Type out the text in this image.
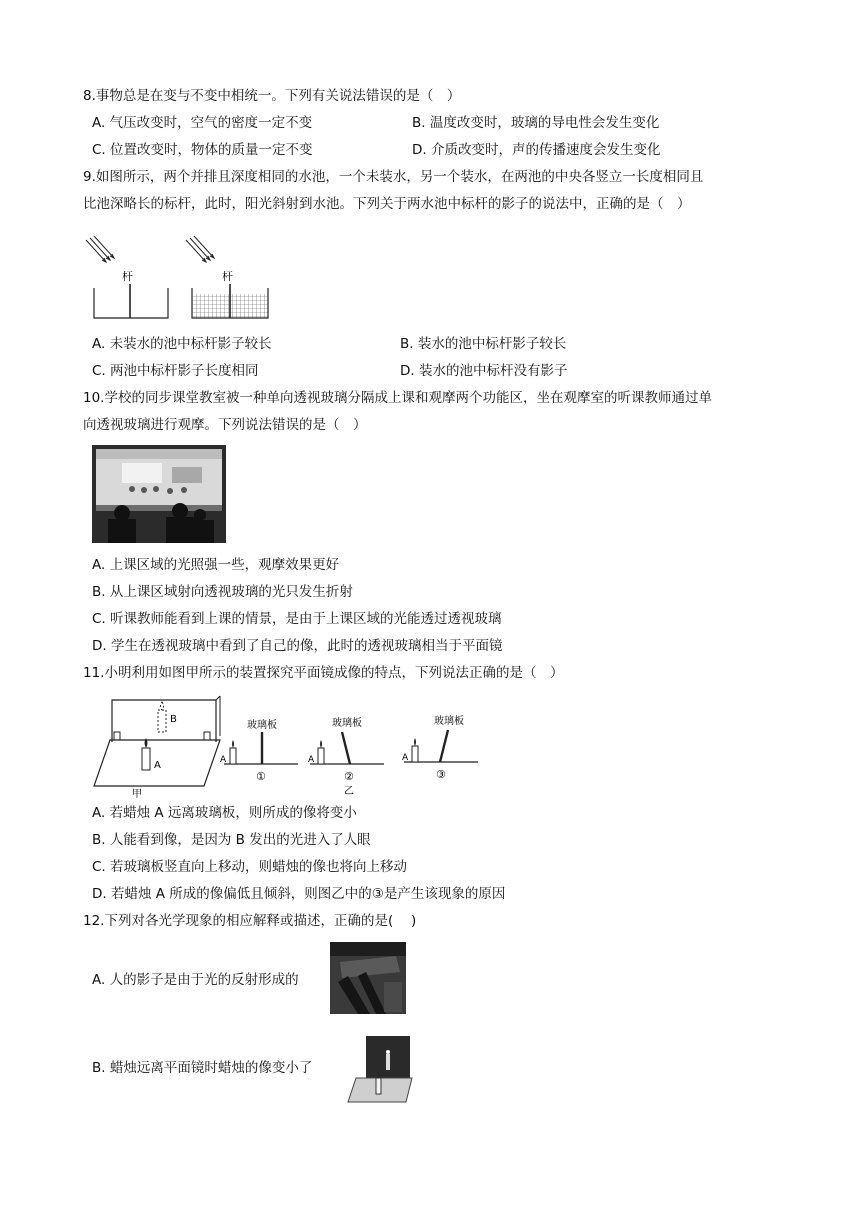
8.事物总是在变与不变中相统一。下列有关说法错误的是（　）
A. 气压改变时，空气的密度一定不变	B. 温度改变时，玻璃的导电性会发生变化
C. 位置改变时，物体的质量一定不变	D. 介质改变时，声的传播速度会发生变化
9.如图所示，两个并排且深度相同的水池，一个未装水，另一个装水，在两池的中央各竖立一长度相同且
比池深略长的标杆，此时，阳光斜射到水池。下列关于两水池中标杆的影子的说法中，正确的是（　）
杆	杆
A. 未装水的池中标杆影子较长	B. 装水的池中标杆影子较长
C. 两池中标杆影子长度相同	D. 装水的池中标杆没有影子
10.学校的同步课堂教室被一种单向透视玻璃分隔成上课和观摩两个功能区，坐在观摩室的听课教师通过单
向透视玻璃进行观摩。下列说法错误的是（　）
A. 上课区域的光照强一些，观摩效果更好
B. 从上课区域射向透视玻璃的光只发生折射
C. 听课教师能看到上课的情景，是由于上课区域的光能透过透视玻璃
D. 学生在透视玻璃中看到了自己的像，此时的透视玻璃相当于平面镜
11.小明利用如图甲所示的装置探究平面镜成像的特点，下列说法正确的是（　）
B
A
甲
玻璃板
A
①
玻璃板
A
②
乙
玻璃板
A
③
A. 若蜡烛 A 远离玻璃板，则所成的像将变小
B. 人能看到像，是因为 B 发出的光进入了人眼
C. 若玻璃板竖直向上移动，则蜡烛的像也将向上移动
D. 若蜡烛 A 所成的像偏低且倾斜，则图乙中的③是产生该现象的原因
12.下列对各光学现象的相应解释或描述，正确的是(　 )
A. 人的影子是由于光的反射形成的
B. 蜡烛远离平面镜时蜡烛的像变小了
